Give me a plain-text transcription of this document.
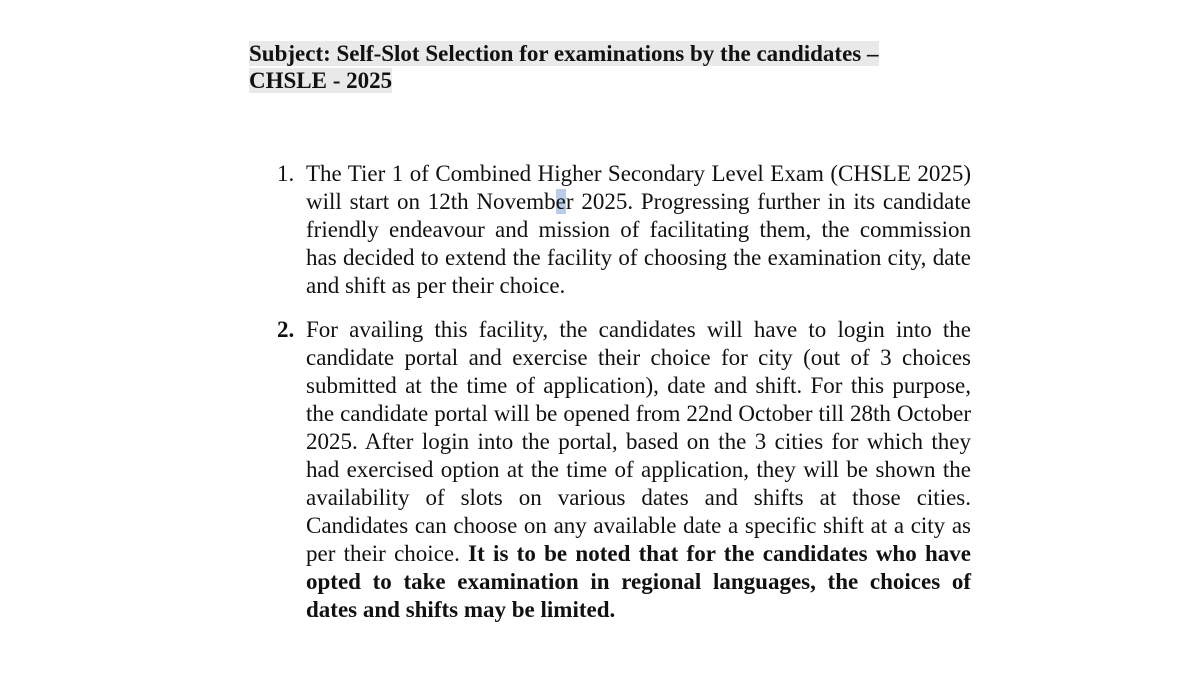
Subject: Self-Slot Selection for examinations by the candidates –
CHSLE - 2025
1. The Tier 1 of Combined Higher Secondary Level Exam (CHSLE 2025) will start on 12th November 2025. Progressing further in its candidate friendly endeavour and mission of facilitating them, the commission has decided to extend the facility of choosing the examination city, date and shift as per their choice.
2. For availing this facility, the candidates will have to login into the candidate portal and exercise their choice for city (out of 3 choices submitted at the time of application), date and shift. For this purpose, the candidate portal will be opened from 22nd October till 28th October 2025. After login into the portal, based on the 3 cities for which they had exercised option at the time of application, they will be shown the availability of slots on various dates and shifts at those cities. Candidates can choose on any available date a specific shift at a city as per their choice. It is to be noted that for the candidates who have opted to take examination in regional languages, the choices of dates and shifts may be limited.
